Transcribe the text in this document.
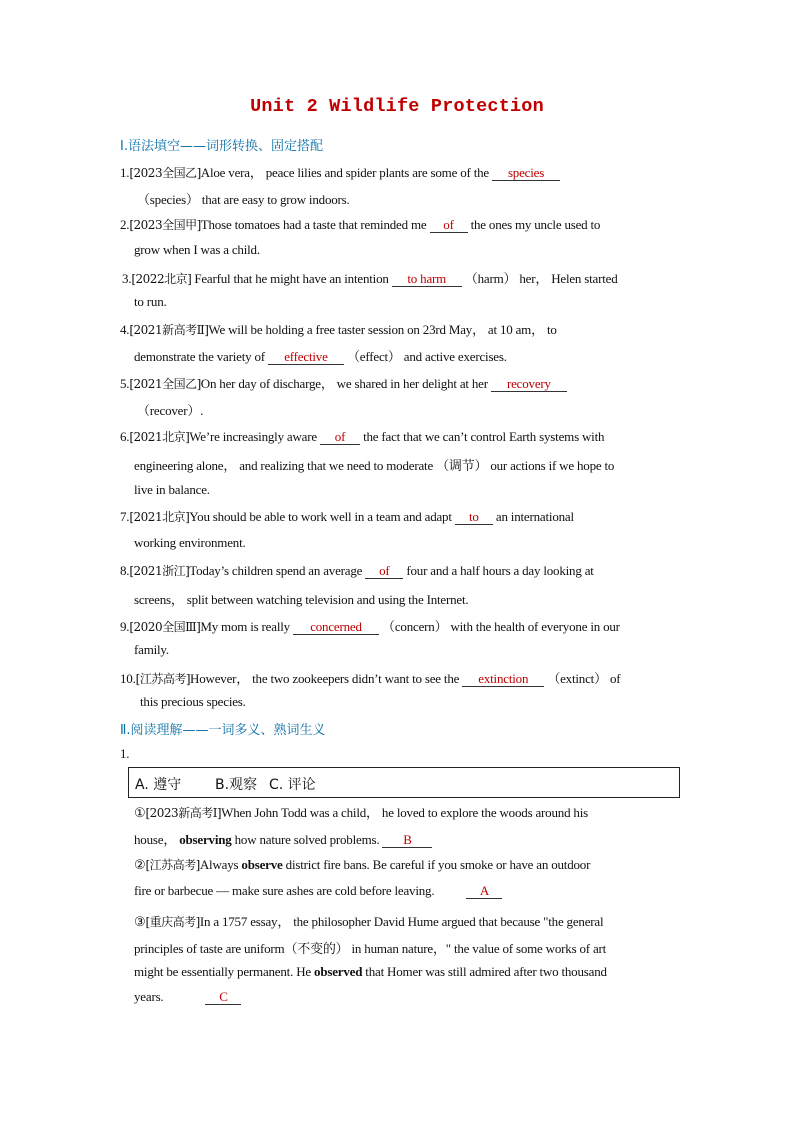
Unit 2 Wildlife Protection
Ⅰ.语法填空——词形转换、固定搭配
1.[2023全国乙]Aloe vera， peace lilies and spider plants are some of the species
（species） that are easy to grow indoors.
2.[2023全国甲]Those tomatoes had a taste that reminded me of the ones my uncle used to
grow when I was a child.
3.[2022北京] Fearful that he might have an intention to harm （harm） her， Helen started
to run.
4.[2021新高考Ⅱ]We will be holding a free taster session on 23rd May， at 10 am， to
demonstrate the variety of effective （effect） and active exercises.
5.[2021全国乙]On her day of discharge， we shared in her delight at her recovery
（recover）.
6.[2021北京]We’re increasingly aware of the fact that we can’t control Earth systems with
engineering alone， and realizing that we need to moderate （调节） our actions if we hope to
live in balance.
7.[2021北京]You should be able to work well in a team and adapt to an international
working environment.
8.[2021浙江]Today’s children spend an average of four and a half hours a day looking at
screens， split between watching television and using the Internet.
9.[2020全国Ⅲ]My mom is really concerned （concern） with the health of everyone in our
family.
10.[江苏高考]However， the two zookeepers didn’t want to see the extinction （extinct） of
this precious species.
Ⅱ.阅读理解——一词多义、熟词生义
1.
A. 遵守 B.观察 C. 评论
①[2023新高考Ⅰ]When John Todd was a child， he loved to explore the woods around his
house， observing how nature solved problems. B
②[江苏高考]Always observe district fire bans. Be careful if you smoke or have an outdoor
fire or barbecue — make sure ashes are cold before leaving.	A
③[重庆高考]In a 1757 essay， the philosopher David Hume argued that because "the general
principles of taste are uniform（不变的） in human nature，" the value of some works of art
might be essentially permanent. He observed that Homer was still admired after two thousand
years.	C
